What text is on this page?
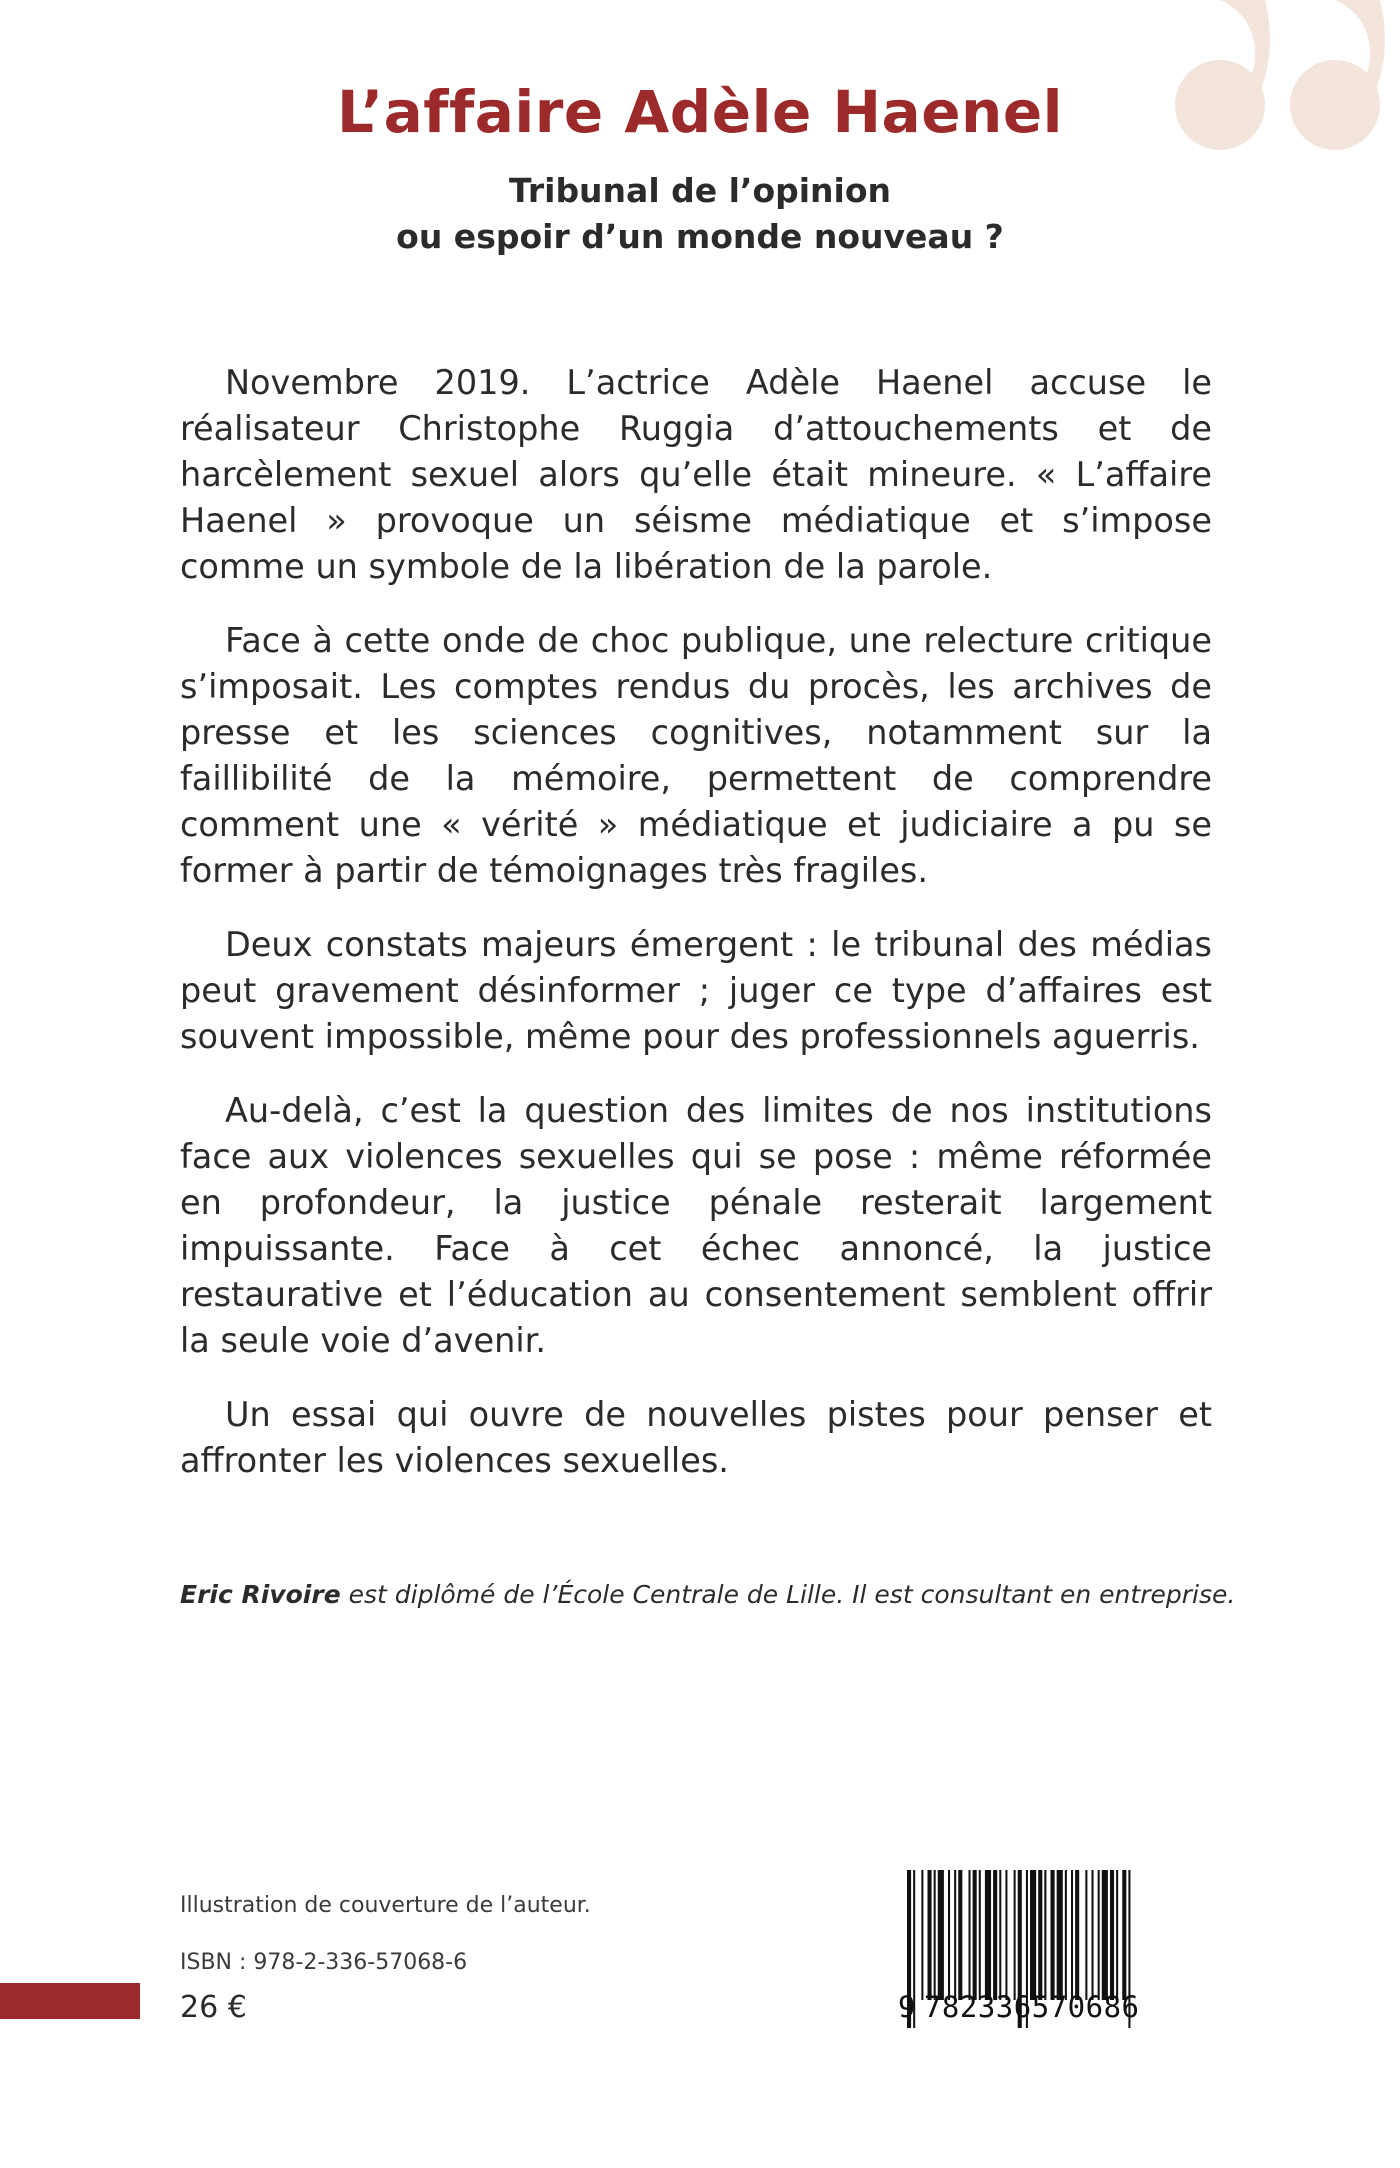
L’affaire Adèle Haenel
Tribunal de l’opinion
ou espoir d’un monde nouveau ?

Novembre 2019. L’actrice Adèle Haenel accuse le réalisateur Christophe Ruggia d’attouchements et de harcèlement sexuel alors qu’elle était mineure. « L’affaire Haenel » provoque un séisme médiatique et s’impose comme un symbole de la libération de la parole.

Face à cette onde de choc publique, une relecture critique s’imposait. Les comptes rendus du procès, les archives de presse et les sciences cognitives, notamment sur la faillibilité de la mémoire, permettent de comprendre comment une « vérité » médiatique et judiciaire a pu se former à partir de témoignages très fragiles.

Deux constats majeurs émergent : le tribunal des médias peut gravement désinformer ; juger ce type d’affaires est souvent impossible, même pour des professionnels aguerris.

Au-delà, c’est la question des limites de nos institutions face aux violences sexuelles qui se pose : même réformée en profondeur, la justice pénale resterait largement impuissante. Face à cet échec annoncé, la justice restaurative et l’éducation au consentement semblent offrir la seule voie d’avenir.

Un essai qui ouvre de nouvelles pistes pour penser et affronter les violences sexuelles.

Eric Rivoire est diplômé de l’École Centrale de Lille. Il est consultant en entreprise.

Illustration de couverture de l’auteur.
ISBN : 978-2-336-57068-6
26 €	9 782336570686
